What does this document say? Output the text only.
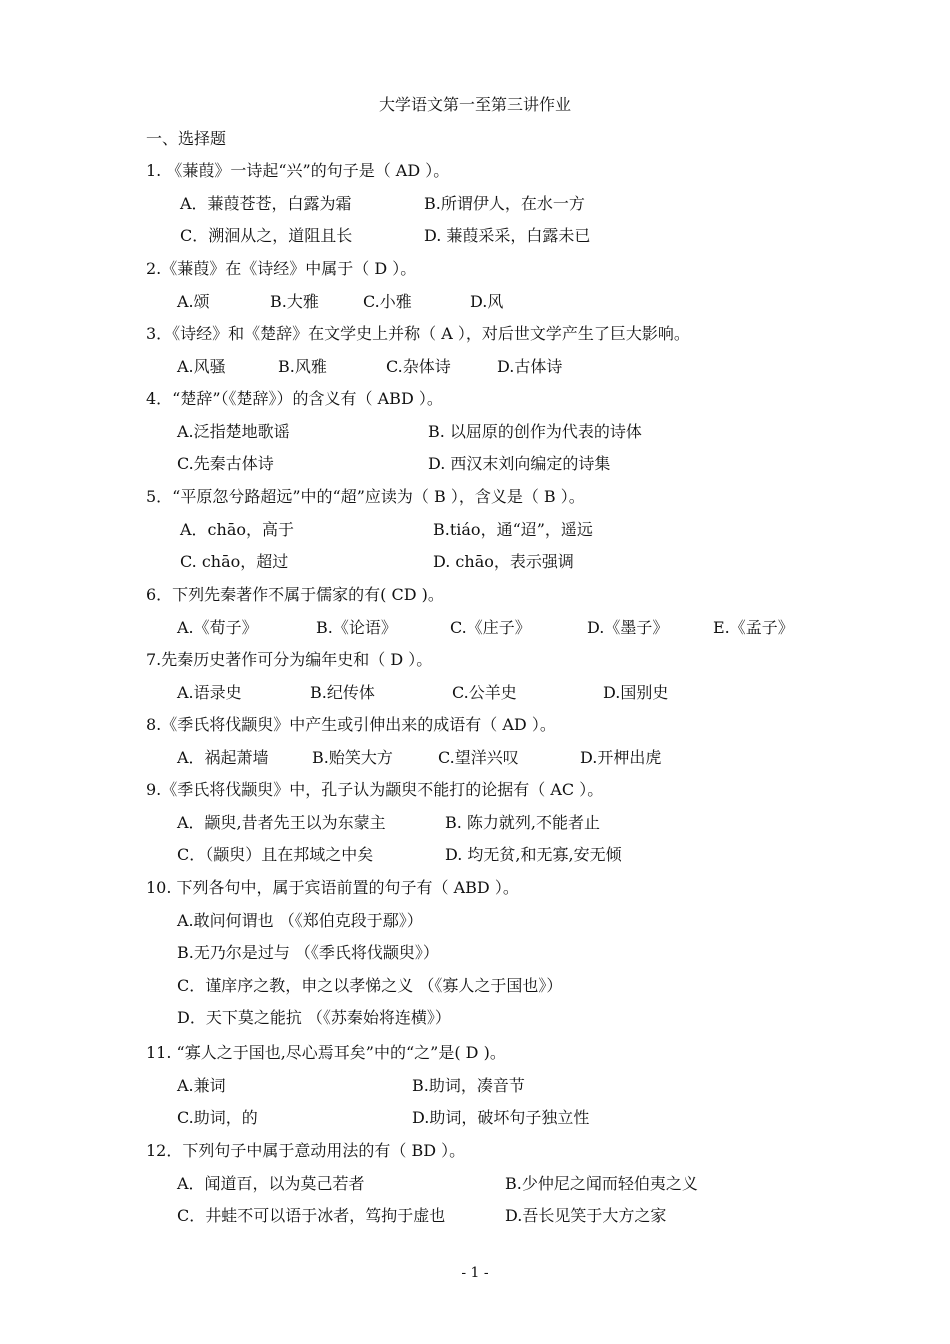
大学语文第一至第三讲作业
一、选择题
1. 《蒹葭》一诗起“兴”的句子是（ AD ）。
A．蒹葭苍苍，白露为霜	B.所谓伊人，在水一方
C．溯洄从之，道阻且长	D. 蒹葭采采，白露未已
2.《蒹葭》在《诗经》中属于（ D ）。
A.颂	B.大雅	C.小雅	D.风
3．《诗经》和《楚辞》在文学史上并称（ A ），对后世文学产生了巨大影响。
A.风骚	B.风雅	C.杂体诗	D.古体诗
4．“楚辞”（《楚辞》）的含义有（ ABD ）。
A.泛指楚地歌谣	B. 以屈原的创作为代表的诗体
C.先秦古体诗	D. 西汉末刘向编定的诗集
5．“平原忽兮路超远”中的“超”应读为（ B ），含义是（ B ）。
A．chāo，高于	B.tiáo，通“迢”，遥远
C. chāo，超过	D. chāo，表示强调
6．下列先秦著作不属于儒家的有( CD )。
A.《荀子》	B.《论语》	C.《庄子》	D.《墨子》	E.《孟子》
7.先秦历史著作可分为编年史和（ D ）。
A.语录史	B.纪传体	C.公羊史	D.国别史
8.《季氏将伐颛臾》中产生或引伸出来的成语有（ AD ）。
A．祸起萧墙	B.贻笑大方	C.望洋兴叹	D.开柙出虎
9.《季氏将伐颛臾》中，孔子认为颛臾不能打的论据有（ AC ）。
A．颛臾,昔者先王以为东蒙主	B. 陈力就列,不能者止
C．（颛臾）且在邦域之中矣	D. 均无贫,和无寡,安无倾
10. 下列各句中，属于宾语前置的句子有（ ABD ）。
A.敢问何谓也 （《郑伯克段于鄢》）
B.无乃尔是过与 （《季氏将伐颛臾》）
C．谨庠序之教，申之以孝悌之义 （《寡人之于国也》）
D．天下莫之能抗 （《苏秦始将连横》）
11. “寡人之于国也,尽心焉耳矣”中的“之”是( D )。
A.兼词	B.助词，凑音节
C.助词，的	D.助词，破坏句子独立性
12．下列句子中属于意动用法的有（ BD ）。
A．闻道百，以为莫己若者	B.少仲尼之闻而轻伯夷之义
C．井蛙不可以语于冰者，笃拘于虚也	D.吾长见笑于大方之家
- 1 -
